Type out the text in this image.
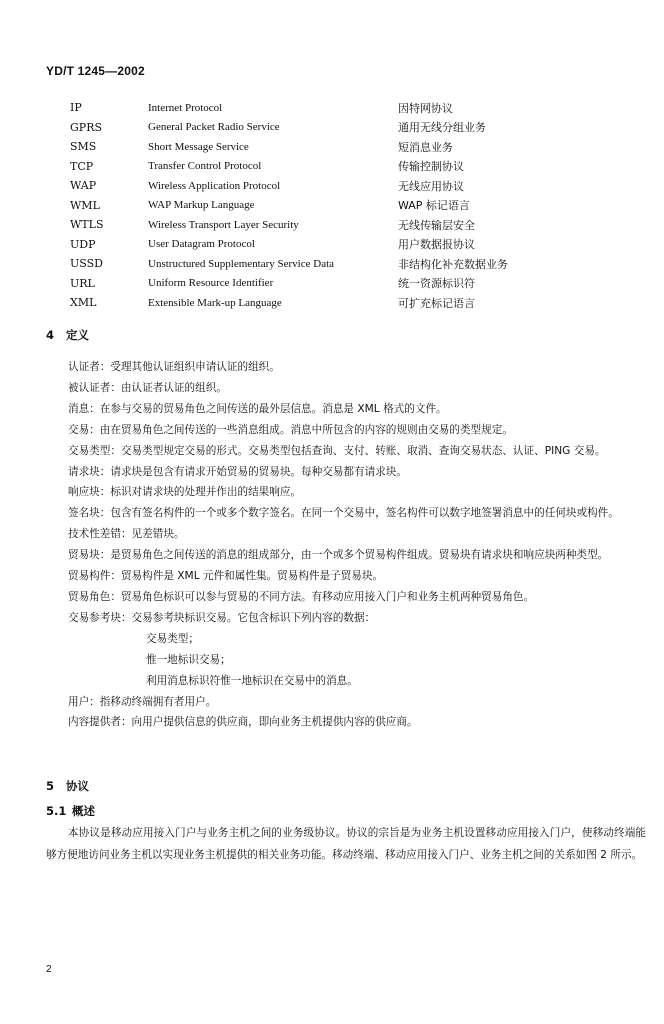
YD/T 1245—2002
IP	Internet Protocol	因特网协议
GPRS	General Packet Radio Service	通用无线分组业务
SMS	Short Message Service	短消息业务
TCP	Transfer Control Protocol	传输控制协议
WAP	Wireless Application Protocol	无线应用协议
WML	WAP Markup Language	WAP 标记语言
WTLS	Wireless Transport Layer Security	无线传输层安全
UDP	User Datagram Protocol	用户数据报协议
USSD	Unstructured Supplementary Service Data	非结构化补充数据业务
URL	Uniform Resource Identifier	统一资源标识符
XML	Extensible Mark-up Language	可扩充标记语言
4 定义

认证者：受理其他认证组织申请认证的组织。

被认证者：由认证者认证的组织。

消息：在参与交易的贸易角色之间传送的最外层信息。消息是 XML 格式的文件。

交易：由在贸易角色之间传送的一些消息组成。消息中所包含的内容的规则由交易的类型规定。

交易类型：交易类型规定交易的形式。交易类型包括查询、支付、转账、取消、查询交易状态、认证、PING 交易。

请求块：请求块是包含有请求开始贸易的贸易块。每种交易都有请求块。

响应块：标识对请求块的处理并作出的结果响应。

签名块：包含有签名构件的一个或多个数字签名。在同一个交易中，签名构件可以数字地签署消息中的任何块或构件。

技术性差错：见差错块。

贸易块：是贸易角色之间传送的消息的组成部分，由一个或多个贸易构件组成。贸易块有请求块和响应块两种类型。

贸易构件：贸易构件是 XML 元件和属性集。贸易构件是子贸易块。

贸易角色：贸易角色标识可以参与贸易的不同方法。有移动应用接入门户和业务主机两种贸易角色。

交易参考块：交易参考块标识交易。它包含标识下列内容的数据：

交易类型；
惟一地标识交易；
利用消息标识符惟一地标识在交易中的消息。

用户：指移动终端拥有者用户。

内容提供者：向用户提供信息的供应商，即向业务主机提供内容的供应商。

5 协议
5.1 概述

本协议是移动应用接入门户与业务主机之间的业务级协议。协议的宗旨是为业务主机设置移动应用接入门户，使移动终端能够方便地访问业务主机以实现业务主机提供的相关业务功能。移动终端、移动应用接入门户、业务主机之间的关系如图 2 所示。

2
